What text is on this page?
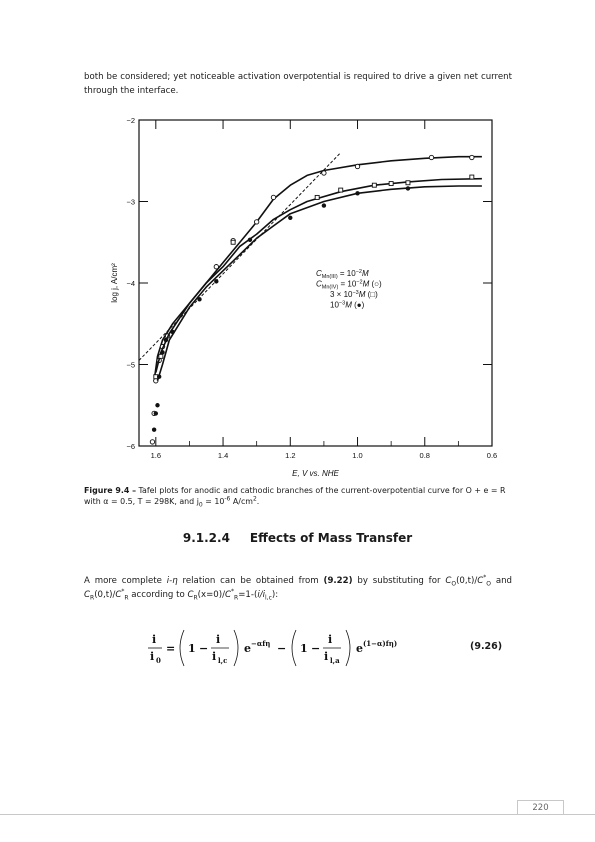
both be considered; yet noticeable activation overpotential is required to drive a given net current through the interface.

1.6	1.4	1.2	1.0	0.8	0.6
−2
−3
−4
−5
−6
E, V vs. NHE
log j, A/cm²	$C_{Mn(III)} = 10^{-2}M$
$C_{Mn(IV)} = 10^{-2}M$ (○)
$3 \times 10^{-3}M$ (□)
$10^{-3}M$ (●)

Figure 9.4 – Tafel plots for anodic and cathodic branches of the current-overpotential curve for O + e = R with α = 0.5, T = 298K, and $j_0 = 10^{-6}$ $A/cm^2$.

9.1.2.4 Effects of Mass Transfer

A more complete i-η relation can be obtained from (9.22) by substituting for $C_O(0,t)/C^*_O$ and $C_R(0,t)/C^*_R$ according to $C_R(x=0)/C^*_R=1-(i/i_{l,c})$:

i
i 0
= 1 −
i
i l,c
e −αfη − 1 −
i
i l,a
e (1−α)fη)	(9.26)

220
